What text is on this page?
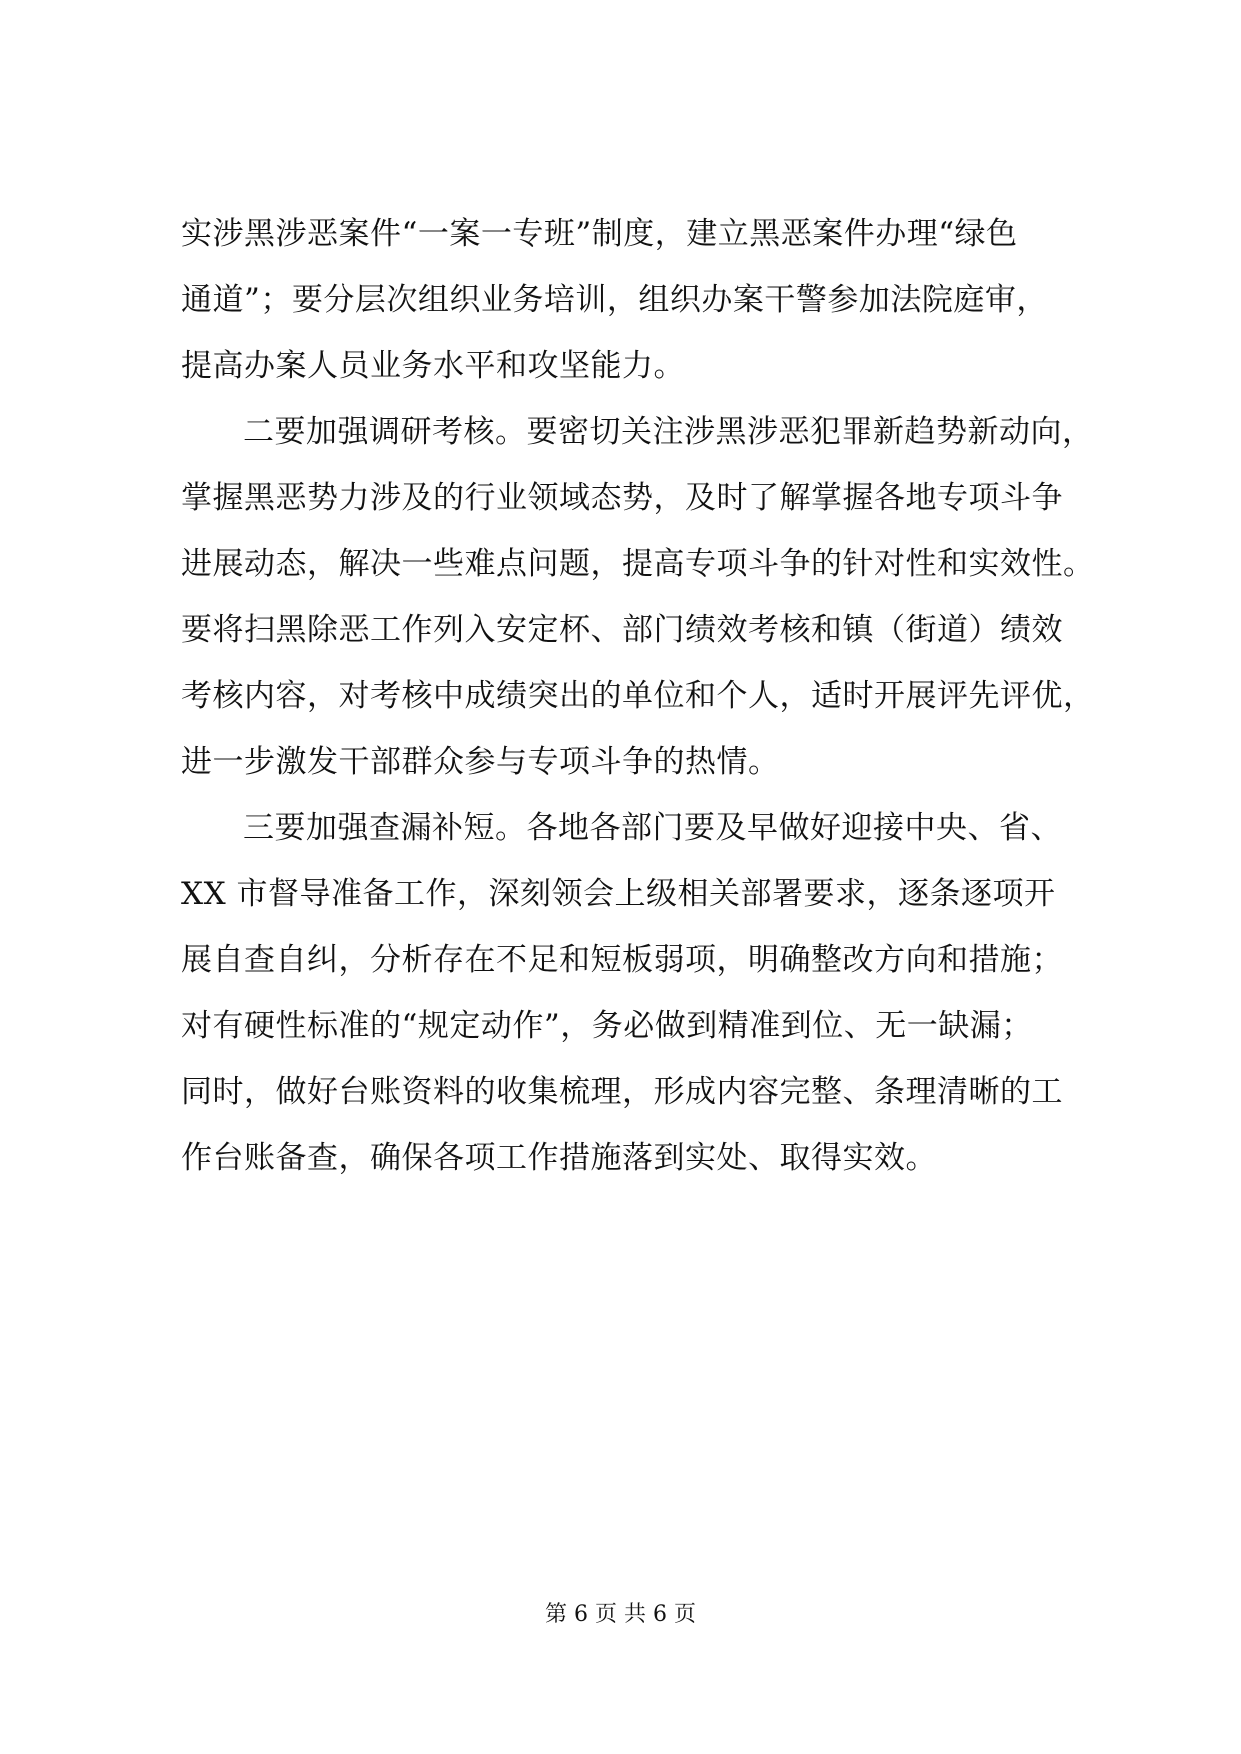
实涉黑涉恶案件“一案一专班”制度，建立黑恶案件办理“绿色
通道”；要分层次组织业务培训，组织办案干警参加法院庭审，
提高办案人员业务水平和攻坚能力。
二要加强调研考核。要密切关注涉黑涉恶犯罪新趋势新动向，
掌握黑恶势力涉及的行业领域态势，及时了解掌握各地专项斗争
进展动态，解决一些难点问题，提高专项斗争的针对性和实效性。
要将扫黑除恶工作列入安定杯、部门绩效考核和镇（街道）绩效
考核内容，对考核中成绩突出的单位和个人，适时开展评先评优，
进一步激发干部群众参与专项斗争的热情。
三要加强查漏补短。各地各部门要及早做好迎接中央、省、
XX 市督导准备工作，深刻领会上级相关部署要求，逐条逐项开
展自查自纠，分析存在不足和短板弱项，明确整改方向和措施；
对有硬性标准的“规定动作”，务必做到精准到位、无一缺漏；
同时，做好台账资料的收集梳理，形成内容完整、条理清晰的工
作台账备查，确保各项工作措施落到实处、取得实效。
第 6 页 共 6 页
